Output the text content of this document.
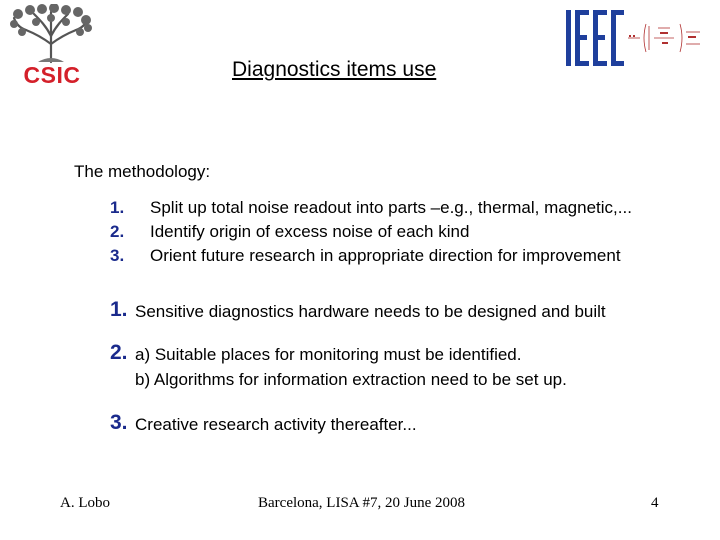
CSIC	Diagnostics items use
The methodology:
1. Split up total noise readout into parts –e.g., thermal, magnetic,...
2. Identify origin of excess noise of each kind
3. Orient future research in appropriate direction for improvement
1. Sensitive diagnostics hardware needs to be designed and built
2. a) Suitable places for monitoring must be identified.
b) Algorithms for information extraction need to be set up.
3. Creative research activity thereafter...
A. Lobo	Barcelona, LISA #7, 20 June 2008	4
